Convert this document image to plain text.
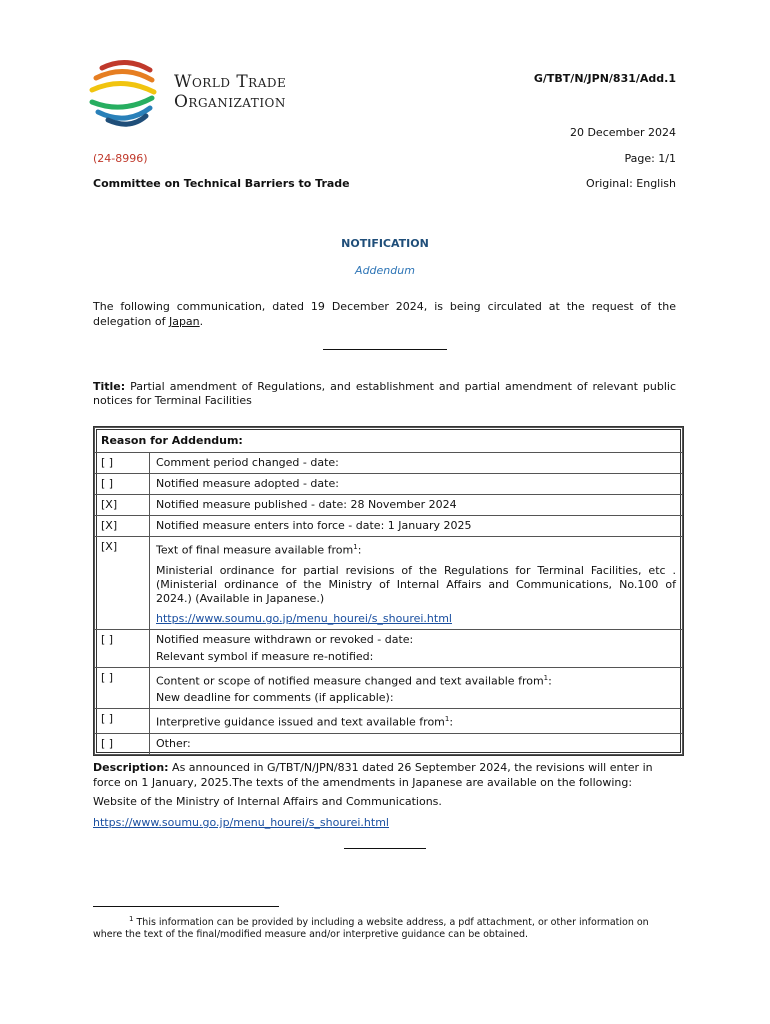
World Trade
Organization
G/TBT/N/JPN/831/Add.1
20 December 2024
(24-8996)	Page: 1/1
Committee on Technical Barriers to Trade	Original: English
NOTIFICATION
Addendum
The following communication, dated 19 December 2024, is being circulated at the request of the delegation of Japan.
Title: Partial amendment of Regulations, and establishment and partial amendment of relevant public notices for Terminal Facilities
Reason for Addendum:	
[ ]	Comment period changed - date:
[ ]	Notified measure adopted - date:
[X]	Notified measure published - date: 28 November 2024
[X]	Notified measure enters into force - date: 1 January 2025
[X]	Text of final measure available from$^1$:
Ministerial ordinance for partial revisions of the Regulations for Terminal Facilities, etc . (Ministerial ordinance of the Ministry of Internal Affairs and Communications, No.100 of 2024.) (Available in Japanese.)
https://www.soumu.go.jp/menu_hourei/s_shourei.html
[ ]	Notified measure withdrawn or revoked - date:
Relevant symbol if measure re-notified:

[ ]	Content or scope of notified measure changed and text available from$^1$:
New deadline for comments (if applicable):

[ ]	Interpretive guidance issued and text available from$^1$:
[ ]	Other:
Description: As announced in G/TBT/N/JPN/831 dated 26 September 2024, the revisions will enter in force on 1 January, 2025.The texts of the amendments in Japanese are available on the following:
Website of the Ministry of Internal Affairs and Communications.
https://www.soumu.go.jp/menu_hourei/s_shourei.html
$^1$ This information can be provided by including a website address, a pdf attachment, or other information on where the text of the final/modified measure and/or interpretive guidance can be obtained.
